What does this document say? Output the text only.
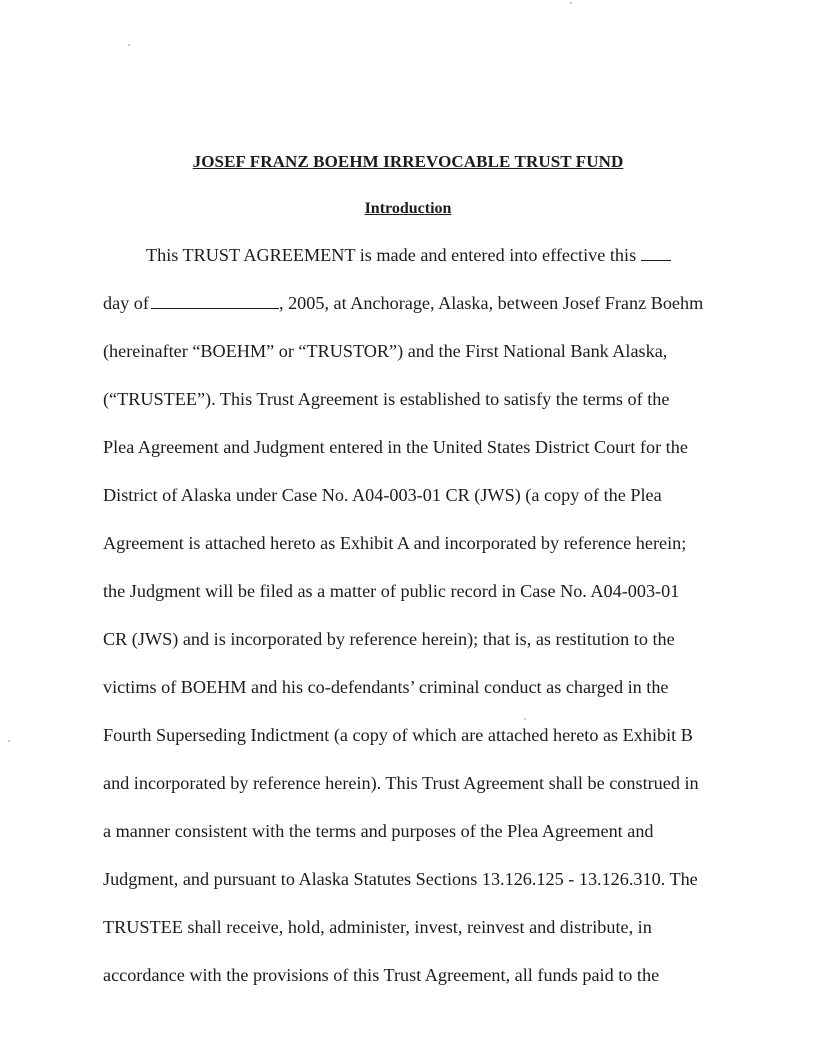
JOSEF FRANZ BOEHM IRREVOCABLE TRUST FUND
Introduction
This TRUST AGREEMENT is made and entered into effective this
day of	, 2005, at Anchorage, Alaska, between Josef Franz Boehm
(hereinafter “BOEHM” or “TRUSTOR”) and the First National Bank Alaska,
(“TRUSTEE”). This Trust Agreement is established to satisfy the terms of the
Plea Agreement and Judgment entered in the United States District Court for the
District of Alaska under Case No. A04-003-01 CR (JWS) (a copy of the Plea
Agreement is attached hereto as Exhibit A and incorporated by reference herein;
the Judgment will be filed as a matter of public record in Case No. A04-003-01
CR (JWS) and is incorporated by reference herein); that is, as restitution to the
victims of BOEHM and his co-defendants’ criminal conduct as charged in the
Fourth Superseding Indictment (a copy of which are attached hereto as Exhibit B
and incorporated by reference herein). This Trust Agreement shall be construed in
a manner consistent with the terms and purposes of the Plea Agreement and
Judgment, and pursuant to Alaska Statutes Sections 13.126.125 - 13.126.310. The
TRUSTEE shall receive, hold, administer, invest, reinvest and distribute, in
accordance with the provisions of this Trust Agreement, all funds paid to the
